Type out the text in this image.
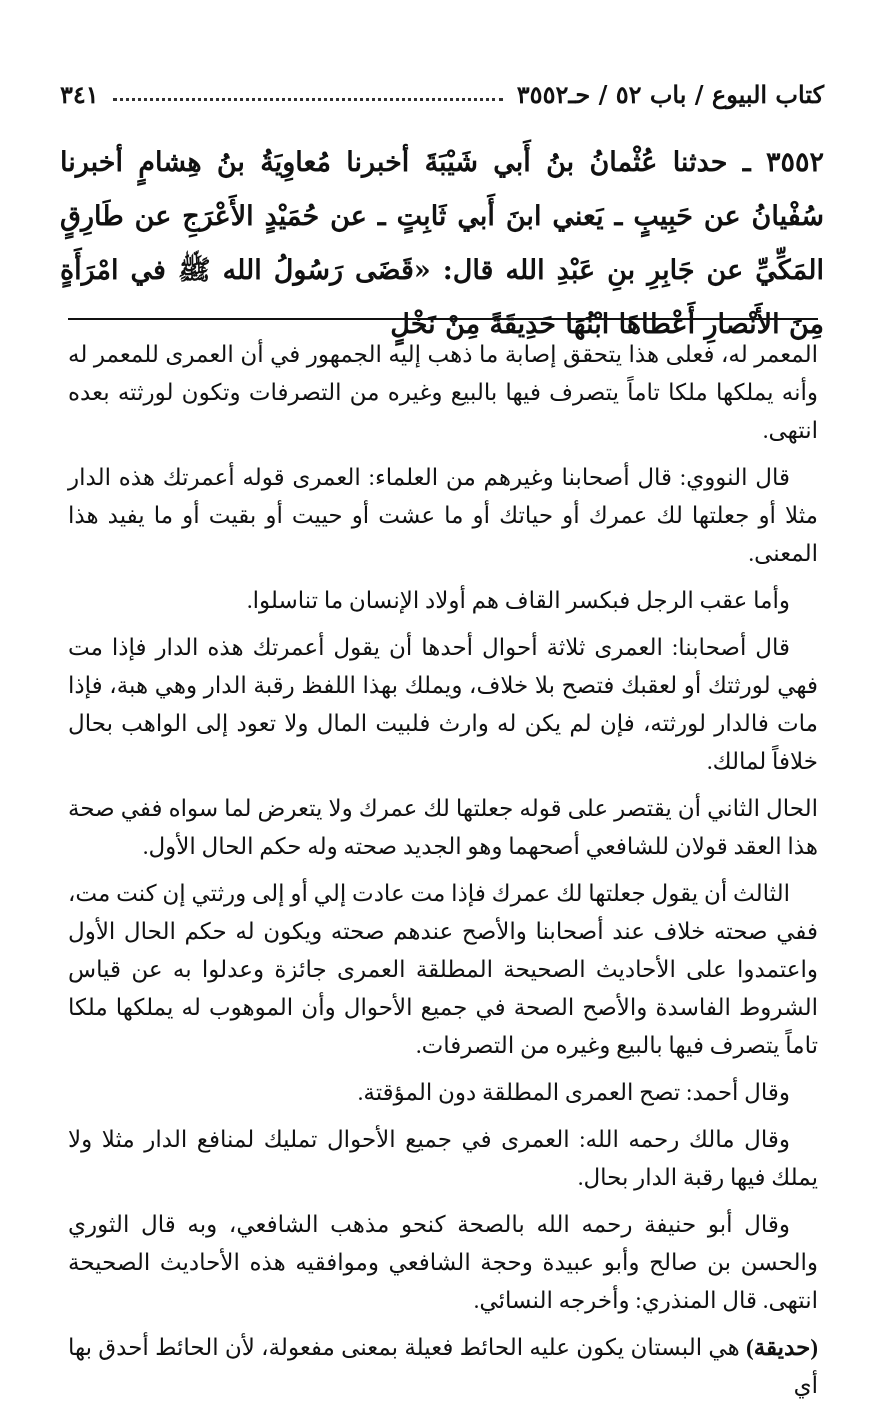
كتاب البيوع / باب ٥٢ / حـ٣٥٥٢
٣٤١
٣٥٥٢ ـ حدثنا عُثْمانُ بنُ أَبي شَيْبَةَ أخبرنا مُعاوِيَةُ بنُ هِشامٍ أخبرنا سُفْيانُ عن حَبِيبٍ ـ يَعني ابنَ أَبي ثَابِتٍ ـ عن حُمَيْدٍ الأَعْرَجِ عن طَارِقٍ المَكِّيِّ عن جَابِرِ بنِ عَبْدِ الله قال: «قَضَى رَسُولُ الله ﷺ في امْرَأَةٍ مِنَ الأَنْصارِ أَعْطاهَا ابْنُهَا حَدِيقَةً مِنْ نَخْلٍ

المعمر له، فعلى هذا يتحقق إصابة ما ذهب إليه الجمهور في أن العمرى للمعمر له وأنه يملكها ملكا تاماً يتصرف فيها بالبيع وغيره من التصرفات وتكون لورثته بعده انتهى.

قال النووي: قال أصحابنا وغيرهم من العلماء: العمرى قوله أعمرتك هذه الدار مثلا أو جعلتها لك عمرك أو حياتك أو ما عشت أو حييت أو بقيت أو ما يفيد هذا المعنى.

وأما عقب الرجل فبكسر القاف هم أولاد الإنسان ما تناسلوا.

قال أصحابنا: العمرى ثلاثة أحوال أحدها أن يقول أعمرتك هذه الدار فإذا مت فهي لورثتك أو لعقبك فتصح بلا خلاف، ويملك بهذا اللفظ رقبة الدار وهي هبة، فإذا مات فالدار لورثته، فإن لم يكن له وارث فلبيت المال ولا تعود إلى الواهب بحال خلافاً لمالك.

الحال الثاني أن يقتصر على قوله جعلتها لك عمرك ولا يتعرض لما سواه ففي صحة هذا العقد قولان للشافعي أصحهما وهو الجديد صحته وله حكم الحال الأول.

الثالث أن يقول جعلتها لك عمرك فإذا مت عادت إلي أو إلى ورثتي إن كنت مت، ففي صحته خلاف عند أصحابنا والأصح عندهم صحته ويكون له حكم الحال الأول واعتمدوا على الأحاديث الصحيحة المطلقة العمرى جائزة وعدلوا به عن قياس الشروط الفاسدة والأصح الصحة في جميع الأحوال وأن الموهوب له يملكها ملكا تاماً يتصرف فيها بالبيع وغيره من التصرفات.

وقال أحمد: تصح العمرى المطلقة دون المؤقتة.

وقال مالك رحمه الله: العمرى في جميع الأحوال تمليك لمنافع الدار مثلا ولا يملك فيها رقبة الدار بحال.

وقال أبو حنيفة رحمه الله بالصحة كنحو مذهب الشافعي، وبه قال الثوري والحسن بن صالح وأبو عبيدة وحجة الشافعي وموافقيه هذه الأحاديث الصحيحة انتهى. قال المنذري: وأخرجه النسائي.

(حديقة) هي البستان يكون عليه الحائط فعيلة بمعنى مفعولة، لأن الحائط أحدق بها أي
